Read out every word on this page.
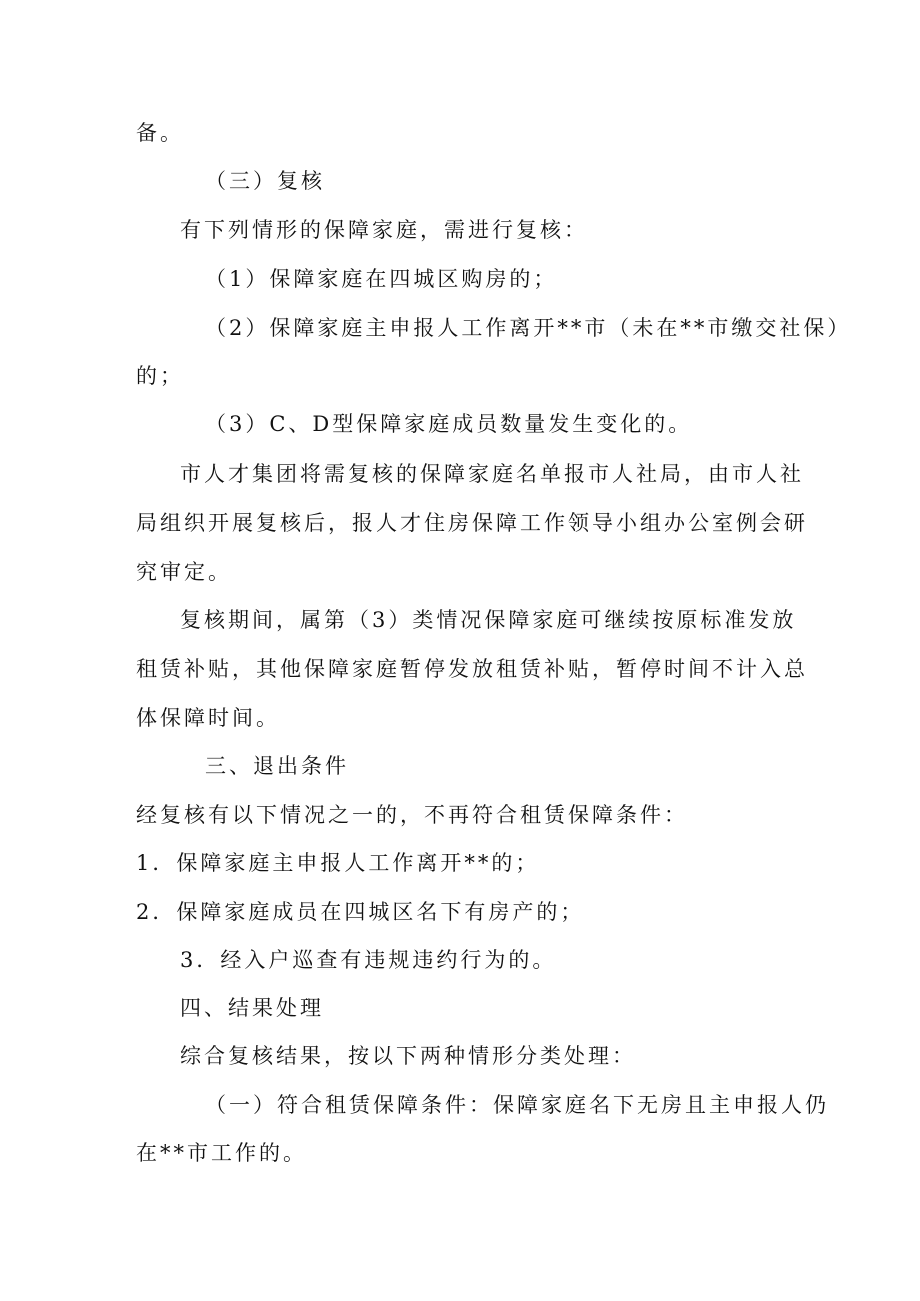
备。
（三）复核
有下列情形的保障家庭，需进行复核：
（1）保障家庭在四城区购房的；
（2）保障家庭主申报人工作离开**市（未在**市缴交社保）
的；
（3）C、D型保障家庭成员数量发生变化的。
市人才集团将需复核的保障家庭名单报市人社局，由市人社
局组织开展复核后，报人才住房保障工作领导小组办公室例会研
究审定。
复核期间，属第（3）类情况保障家庭可继续按原标准发放
租赁补贴，其他保障家庭暂停发放租赁补贴，暂停时间不计入总
体保障时间。
三、退出条件
经复核有以下情况之一的，不再符合租赁保障条件：
1．保障家庭主申报人工作离开**的；
2．保障家庭成员在四城区名下有房产的；
3．经入户巡查有违规违约行为的。
四、结果处理
综合复核结果，按以下两种情形分类处理：
（一）符合租赁保障条件：保障家庭名下无房且主申报人仍
在**市工作的。
